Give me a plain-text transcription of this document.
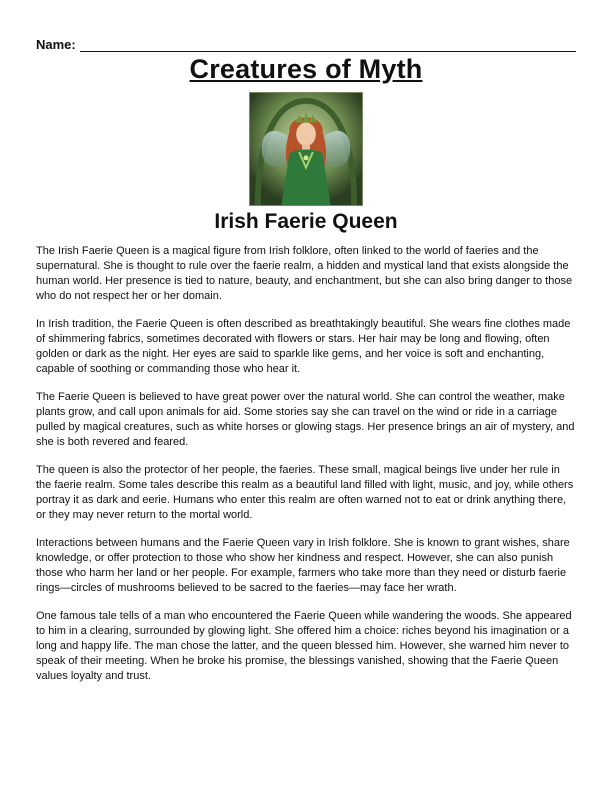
Name:
Creatures of Myth
Irish Faerie Queen

The Irish Faerie Queen is a magical figure from Irish folklore, often linked to the world of faeries and the supernatural. She is thought to rule over the faerie realm, a hidden and mystical land that exists alongside the human world. Her presence is tied to nature, beauty, and enchantment, but she can also bring danger to those who do not respect her or her domain.

In Irish tradition, the Faerie Queen is often described as breathtakingly beautiful. She wears fine clothes made of shimmering fabrics, sometimes decorated with flowers or stars. Her hair may be long and flowing, often golden or dark as the night. Her eyes are said to sparkle like gems, and her voice is soft and enchanting, capable of soothing or commanding those who hear it.

The Faerie Queen is believed to have great power over the natural world. She can control the weather, make plants grow, and call upon animals for aid. Some stories say she can travel on the wind or ride in a carriage pulled by magical creatures, such as white horses or glowing stags. Her presence brings an air of mystery, and she is both revered and feared.

The queen is also the protector of her people, the faeries. These small, magical beings live under her rule in the faerie realm. Some tales describe this realm as a beautiful land filled with light, music, and joy, while others portray it as dark and eerie. Humans who enter this realm are often warned not to eat or drink anything there, or they may never return to the mortal world.

Interactions between humans and the Faerie Queen vary in Irish folklore. She is known to grant wishes, share knowledge, or offer protection to those who show her kindness and respect. However, she can also punish those who harm her land or her people. For example, farmers who take more than they need or disturb faerie rings—circles of mushrooms believed to be sacred to the faeries—may face her wrath.

One famous tale tells of a man who encountered the Faerie Queen while wandering the woods. She appeared to him in a clearing, surrounded by glowing light. She offered him a choice: riches beyond his imagination or a long and happy life. The man chose the latter, and the queen blessed him. However, she warned him never to speak of their meeting. When he broke his promise, the blessings vanished, showing that the Faerie Queen values loyalty and trust.
